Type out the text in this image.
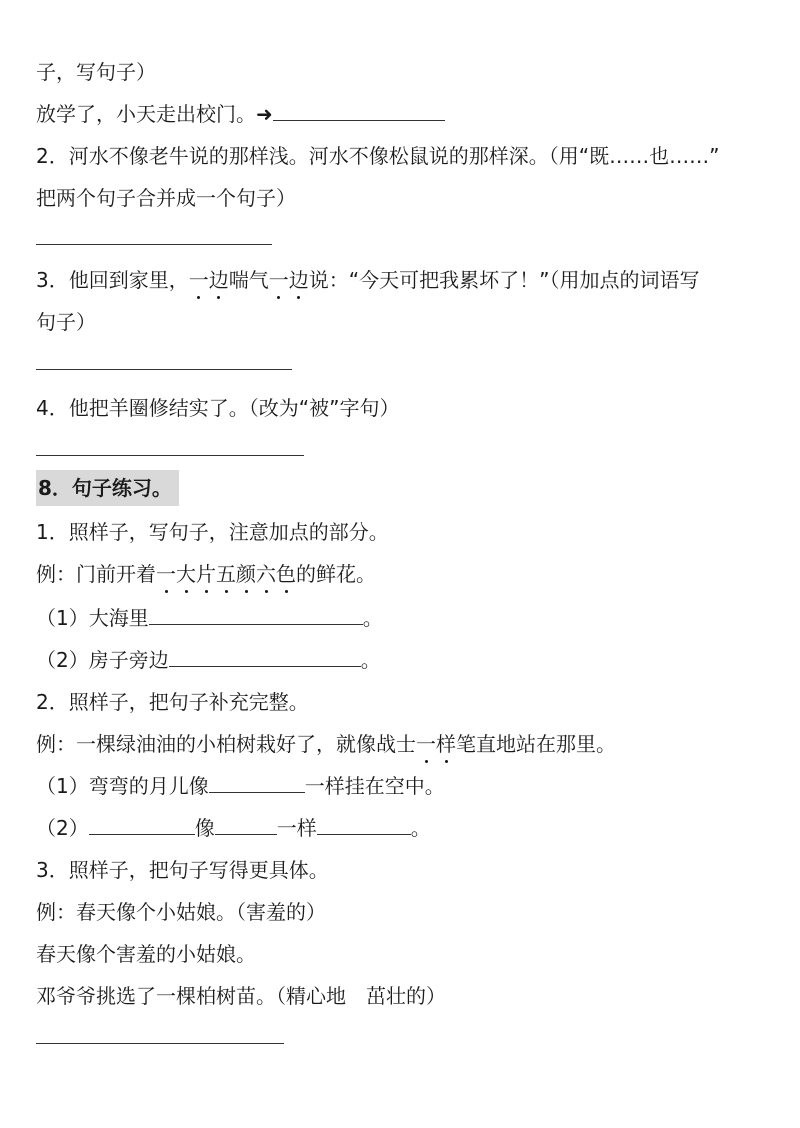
子，写句子）

放学了，小天走出校门。➜

2．河水不像老牛说的那样浅。河水不像松鼠说的那样深。（用“既……也……”

把两个句子合并成一个句子）

3．他回到家里，一边喘气一边说：“今天可把我累坏了！”（用加点的词语写

句子）

4．他把羊圈修结实了。（改为“被”字句）

8．句子练习。

1．照样子，写句子，注意加点的部分。

例：门前开着一大片五颜六色的鲜花。

（1）大海里	。

（2）房子旁边	。

2．照样子，把句子补充完整。

例：一棵绿油油的小柏树栽好了，就像战士一样笔直地站在那里。

（1）弯弯的月儿像	一样挂在空中。

（2）	像	一样	。

3．照样子，把句子写得更具体。

例：春天像个小姑娘。（害羞的）

春天像个害羞的小姑娘。

邓爷爷挑选了一棵柏树苗。（精心地　茁壮的）
